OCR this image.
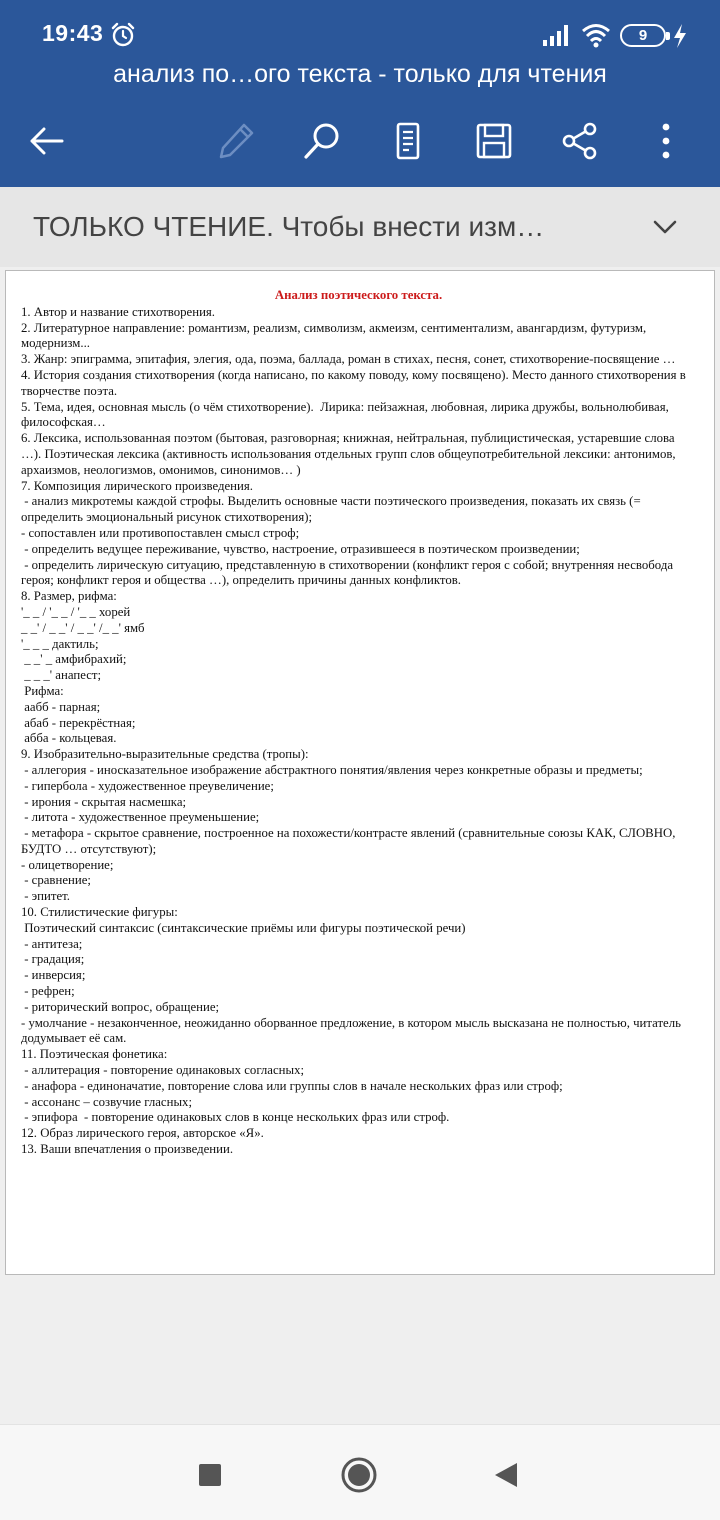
19:43	9
анализ по…ого текста - только для чтения
ТОЛЬКО ЧТЕНИЕ. Чтобы внести изм…
Анализ поэтического текста.
1. Автор и название стихотворения.
2. Литературное направление: романтизм, реализм, символизм, акмеизм, сентиментализм, авангардизм, футуризм, модернизм...
3. Жанр: эпиграмма, эпитафия, элегия, ода, поэма, баллада, роман в стихах, песня, сонет, стихотворение-посвящение …
4. История создания стихотворения (когда написано, по какому поводу, кому посвящено). Место данного стихотворения в творчестве поэта.
5. Тема, идея, основная мысль (о чём стихотворение).  Лирика: пейзажная, любовная, лирика дружбы, вольнолюбивая, философская…
6. Лексика, использованная поэтом (бытовая, разговорная; книжная, нейтральная, публицистическая, устаревшие слова …). Поэтическая лексика (активность использования отдельных групп слов общеупотребительной лексики: антонимов, архаизмов, неологизмов, омонимов, синонимов… )
7. Композиция лирического произведения.
- анализ микротемы каждой строфы. Выделить основные части поэтического произведения, показать их связь (= определить эмоциональный рисунок стихотворения);
- сопоставлен или противопоставлен смысл строф;
- определить ведущее переживание, чувство, настроение, отразившееся в поэтическом произведении;
- определить лирическую ситуацию, представленную в стихотворении (конфликт героя с собой; внутренняя несвобода героя; конфликт героя и общества …), определить причины данных конфликтов.
8. Размер, рифма:
'_ _ / '_ _ / '_ _ хорей
_ _' / _ _' / _ _' /_ _' ямб
'_ _ _ дактиль;
_ _' _ амфибрахий;
_ _ _' анапест;
Рифма:
аабб - парная;
абаб - перекрёстная;
абба - кольцевая.
9. Изобразительно-выразительные средства (тропы):
- аллегория - иносказательное изображение абстрактного понятия/явления через конкретные образы и предметы;
- гипербола - художественное преувеличение;
- ирония - скрытая насмешка;
- литота - художественное преуменьшение;
- метафора - скрытое сравнение, построенное на похожести/контрасте явлений (сравнительные союзы КАК, СЛОВНО, БУДТО … отсутствуют);
- олицетворение;
- сравнение;
- эпитет.
10. Стилистические фигуры:
Поэтический синтаксис (синтаксические приёмы или фигуры поэтической речи)
- антитеза;
- градация;
- инверсия;
- рефрен;
- риторический вопрос, обращение;
- умолчание - незаконченное, неожиданно оборванное предложение, в котором мысль высказана не полностью, читатель додумывает её сам.
11. Поэтическая фонетика:
- аллитерация - повторение одинаковых согласных;
- анафора - единоначатие, повторение слова или группы слов в начале нескольких фраз или строф;
- ассонанс – созвучие гласных;
- эпифора  - повторение одинаковых слов в конце нескольких фраз или строф.
12. Образ лирического героя, авторское «Я».
13. Ваши впечатления о произведении.
